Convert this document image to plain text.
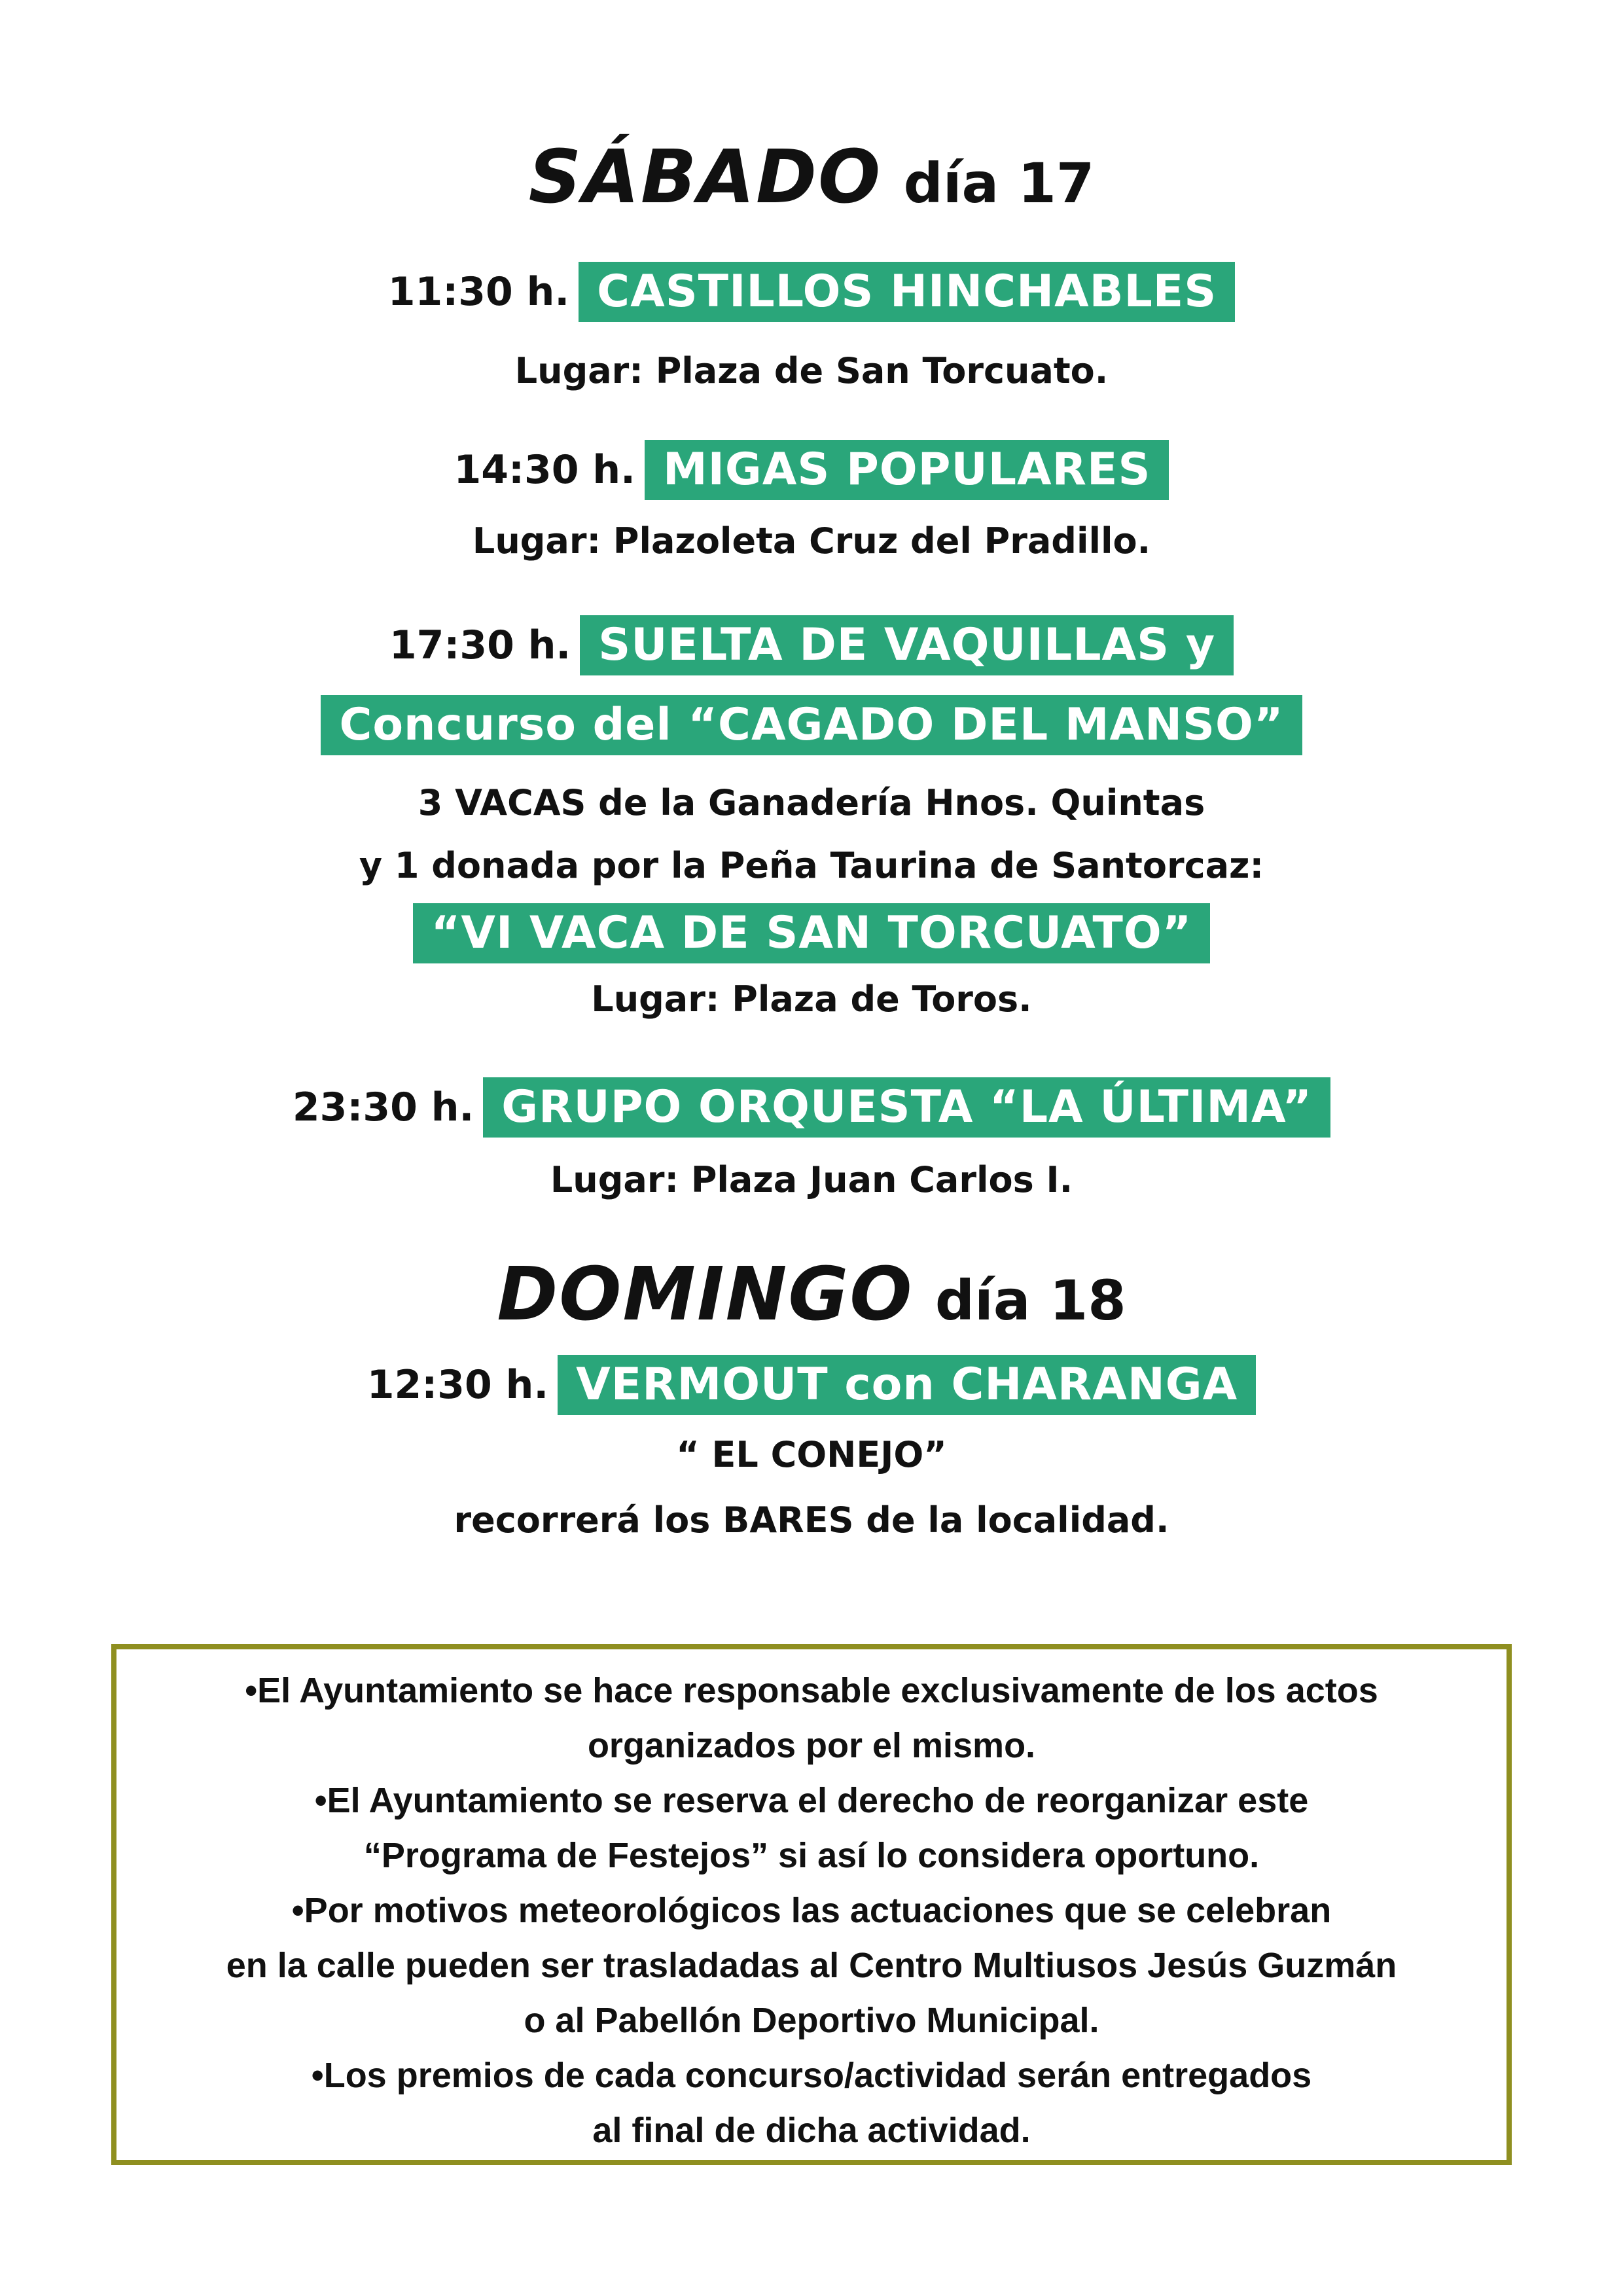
SÁBADO día 17
11:30 h. CASTILLOS HINCHABLES
Lugar: Plaza de San Torcuato.
14:30 h. MIGAS POPULARES
Lugar: Plazoleta Cruz del Pradillo.
17:30 h. SUELTA DE VAQUILLAS y
Concurso del “CAGADO DEL MANSO”
3 VACAS de la Ganadería Hnos. Quintas
y 1 donada por la Peña Taurina de Santorcaz:
“VI VACA DE SAN TORCUATO”
Lugar: Plaza de Toros.
23:30 h. GRUPO ORQUESTA “LA ÚLTIMA”
Lugar: Plaza Juan Carlos I.
DOMINGO día 18
12:30 h. VERMOUT con CHARANGA
“ EL CONEJO”
recorrerá los BARES de la localidad.
•El Ayuntamiento se hace responsable exclusivamente de los actos
organizados por el mismo.
•El Ayuntamiento se reserva el derecho de reorganizar este
“Programa de Festejos” si así lo considera oportuno.
•Por motivos meteorológicos las actuaciones que se celebran
en la calle pueden ser trasladadas al Centro Multiusos Jesús Guzmán
o al Pabellón Deportivo Municipal.
•Los premios de cada concurso/actividad serán entregados
al final de dicha actividad.
